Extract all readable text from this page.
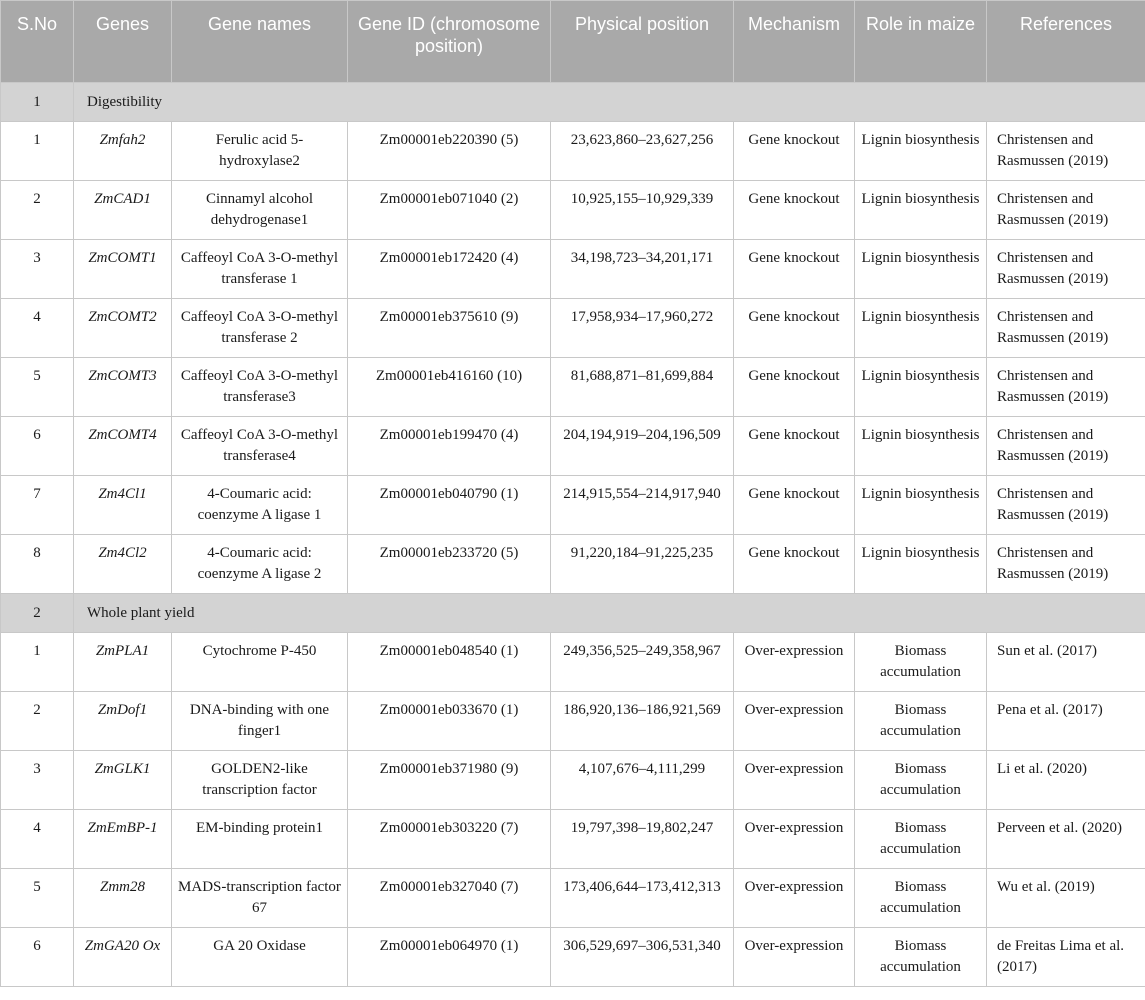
S.No	Genes	Gene names	Gene ID (chromosome position)	Physical position	Mechanism	Role in maize	References
1	Digestibility						
1	Zmfah2	Ferulic acid 5-hydroxylase2	Zm00001eb220390 (5)	23,623,860–23,627,256	Gene knockout	Lignin biosynthesis	Christensen and Rasmussen (2019)
2	ZmCAD1	Cinnamyl alcohol dehydrogenase1	Zm00001eb071040 (2)	10,925,155–10,929,339	Gene knockout	Lignin biosynthesis	Christensen and Rasmussen (2019)
3	ZmCOMT1	Caffeoyl CoA 3-O-methyl transferase 1	Zm00001eb172420 (4)	34,198,723–34,201,171	Gene knockout	Lignin biosynthesis	Christensen and Rasmussen (2019)
4	ZmCOMT2	Caffeoyl CoA 3-O-methyl transferase 2	Zm00001eb375610 (9)	17,958,934–17,960,272	Gene knockout	Lignin biosynthesis	Christensen and Rasmussen (2019)
5	ZmCOMT3	Caffeoyl CoA 3-O-methyl transferase3	Zm00001eb416160 (10)	81,688,871–81,699,884	Gene knockout	Lignin biosynthesis	Christensen and Rasmussen (2019)
6	ZmCOMT4	Caffeoyl CoA 3-O-methyl transferase4	Zm00001eb199470 (4)	204,194,919–204,196,509	Gene knockout	Lignin biosynthesis	Christensen and Rasmussen (2019)
7	Zm4Cl1	4-Coumaric acid: coenzyme A ligase 1	Zm00001eb040790 (1)	214,915,554–214,917,940	Gene knockout	Lignin biosynthesis	Christensen and Rasmussen (2019)
8	Zm4Cl2	4-Coumaric acid: coenzyme A ligase 2	Zm00001eb233720 (5)	91,220,184–91,225,235	Gene knockout	Lignin biosynthesis	Christensen and Rasmussen (2019)
2	Whole plant yield						
1	ZmPLA1	Cytochrome P-450	Zm00001eb048540 (1)	249,356,525–249,358,967	Over-expression	Biomass accumulation	Sun et al. (2017)
2	ZmDof1	DNA-binding with one finger1	Zm00001eb033670 (1)	186,920,136–186,921,569	Over-expression	Biomass accumulation	Pena et al. (2017)
3	ZmGLK1	GOLDEN2-like transcription factor	Zm00001eb371980 (9)	4,107,676–4,111,299	Over-expression	Biomass accumulation	Li et al. (2020)
4	ZmEmBP-1	EM-binding protein1	Zm00001eb303220 (7)	19,797,398–19,802,247	Over-expression	Biomass accumulation	Perveen et al. (2020)
5	Zmm28	MADS-transcription factor 67	Zm00001eb327040 (7)	173,406,644–173,412,313	Over-expression	Biomass accumulation	Wu et al. (2019)
6	ZmGA20 Ox	GA 20 Oxidase	Zm00001eb064970 (1)	306,529,697–306,531,340	Over-expression	Biomass accumulation	de Freitas Lima et al. (2017)
